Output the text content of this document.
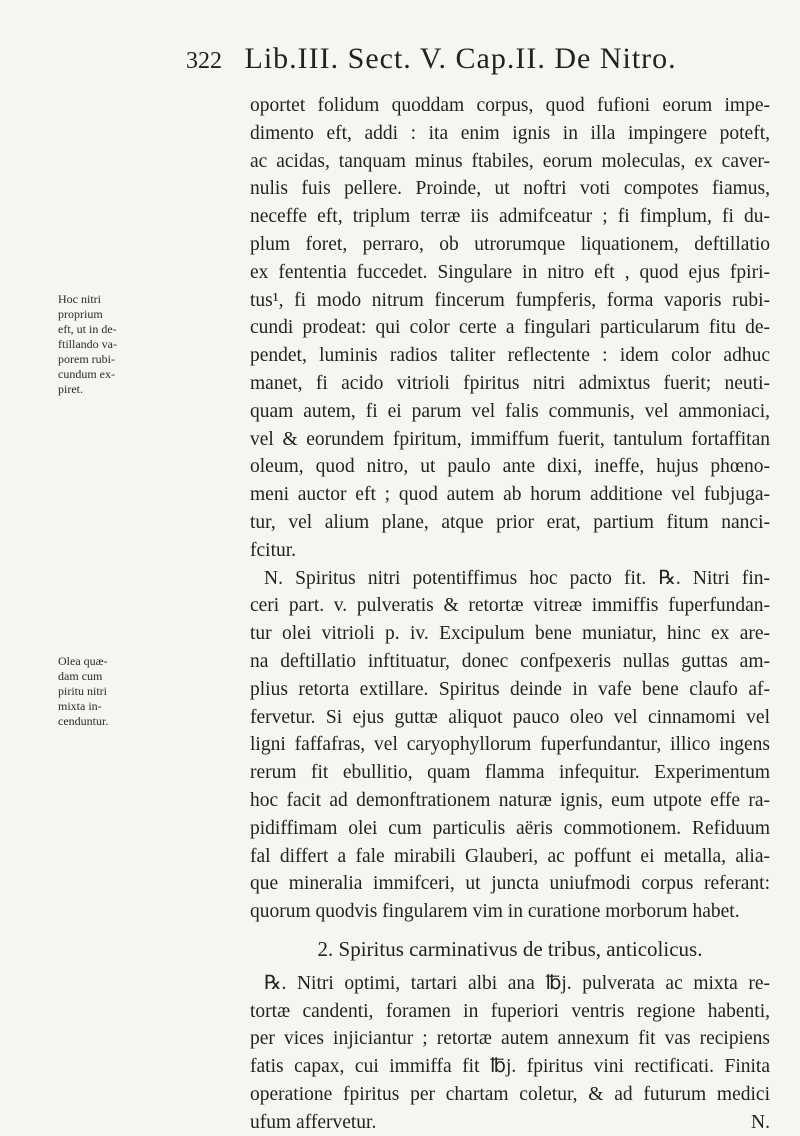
322 Lib.III. Sect. V. Cap.II. De Nitro.
Hoc nitri
proprium
eft, ut in de-
ftillando va-
porem rubi-
cundum ex-
piret.
Olea quæ-
dam cum
piritu nitri
mixta in-
cenduntur.
oportet folidum quoddam corpus, quod fufioni eorum impe-
dimento eft, addi : ita enim ignis in illa impingere poteft,
ac acidas, tanquam minus ftabiles, eorum moleculas, ex caver-
nulis fuis pellere. Proinde, ut noftri voti compotes fiamus,
neceffe eft, triplum terræ iis admifceatur ; fi fimplum, fi du-
plum foret, perraro, ob utrorumque liquationem, deftillatio
ex fententia fuccedet. Singulare in nitro eft , quod ejus fpiri-
tus¹, fi modo nitrum fincerum fumpferis, forma vaporis rubi-
cundi prodeat: qui color certe a fingulari particularum fitu de-
pendet, luminis radios taliter reflectente : idem color adhuc
manet, fi acido vitrioli fpiritus nitri admixtus fuerit; neuti-
quam autem, fi ei parum vel falis communis, vel ammoniaci,
vel & eorundem fpiritum, immiffum fuerit, tantulum fortaffitan
oleum, quod nitro, ut paulo ante dixi, ineffe, hujus phœno-
meni auctor eft ; quod autem ab horum additione vel fubjuga-
tur, vel alium plane, atque prior erat, partium fitum nanci-
fcitur.
N. Spiritus nitri potentiffimus hoc pacto fit. ℞. Nitri fin-
ceri part. v. pulveratis & retortæ vitreæ immiffis fuperfundan-
tur olei vitrioli p. iv. Excipulum bene muniatur, hinc ex are-
na deftillatio inftituatur, donec confpexeris nullas guttas am-
plius retorta extillare. Spiritus deinde in vafe bene claufo af-
fervetur. Si ejus guttæ aliquot pauco oleo vel cinnamomi vel
ligni faffafras, vel caryophyllorum fuperfundantur, illico ingens
rerum fit ebullitio, quam flamma infequitur. Experimentum
hoc facit ad demonftrationem naturæ ignis, eum utpote effe ra-
pidiffimam olei cum particulis aëris commotionem. Refiduum
fal differt a fale mirabili Glauberi, ac poffunt ei metalla, alia-
que mineralia immifceri, ut juncta uniufmodi corpus referant:
quorum quodvis fingularem vim in curatione morborum habet.
2. Spiritus carminativus de tribus, anticolicus.
℞. Nitri optimi, tartari albi ana ℔j. pulverata ac mixta re-
tortæ candenti, foramen in fuperiori ventris regione habenti,
per vices injiciantur ; retortæ autem annexum fit vas recipiens
fatis capax, cui immiffa fit ℔j. fpiritus vini rectificati. Finita
operatione fpiritus per chartam coletur, & ad futurum medici
ufum affervetur.	N.
